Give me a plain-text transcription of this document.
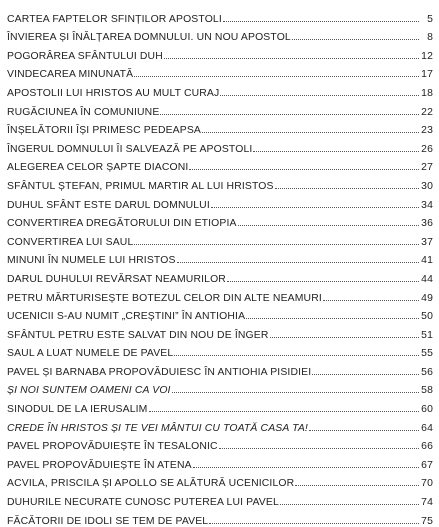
CARTEA FAPTELOR SFINȚILOR APOSTOLI	5
ÎNVIEREA ȘI ÎNĂLȚAREA DOMNULUI. UN NOU APOSTOL	8
POGORÂREA SFÂNTULUI DUH	12
VINDECAREA MINUNATĂ	17
APOSTOLII LUI HRISTOS AU MULT CURAJ	18
RUGĂCIUNEA ÎN COMUNIUNE	22
ÎNȘELĂTORII ÎȘI PRIMESC PEDEAPSA	23
ÎNGERUL DOMNULUI ÎI SALVEAZĂ PE APOSTOLI	26
ALEGEREA CELOR ȘAPTE DIACONI	27
SFÂNTUL ȘTEFAN, PRIMUL MARTIR AL LUI HRISTOS	30
DUHUL SFÂNT ESTE DARUL DOMNULUI	34
CONVERTIREA DREGĂTORULUI DIN ETIOPIA	36
CONVERTIREA LUI SAUL	37
MINUNI ÎN NUMELE LUI HRISTOS	41
DARUL DUHULUI REVĂRSAT NEAMURILOR	44
PETRU MĂRTURISEȘTE BOTEZUL CELOR DIN ALTE NEAMURI	49
UCENICII S-AU NUMIT „CREȘTINI” ÎN ANTIOHIA	50
SFÂNTUL PETRU ESTE SALVAT DIN NOU DE ÎNGER	51
SAUL A LUAT NUMELE DE PAVEL	55
PAVEL ȘI BARNABA PROPOVĂDUIESC ÎN ANTIOHIA PISIDIEI	56
ȘI NOI SUNTEM OAMENI CA VOI	58
SINODUL DE LA IERUSALIM	60
CREDE ÎN HRISTOS ȘI TE VEI MÂNTUI CU TOATĂ CASA TA!	64
PAVEL PROPOVĂDUIEȘTE ÎN TESALONIC	66
PAVEL PROPOVĂDUIEȘTE ÎN ATENA	67
ACVILA, PRISCILA ȘI APOLLO SE ALĂTURĂ UCENICILOR	70
DUHURILE NECURATE CUNOSC PUTEREA LUI PAVEL	74
FĂCĂTORII DE IDOLI SE TEM DE PAVEL	75
